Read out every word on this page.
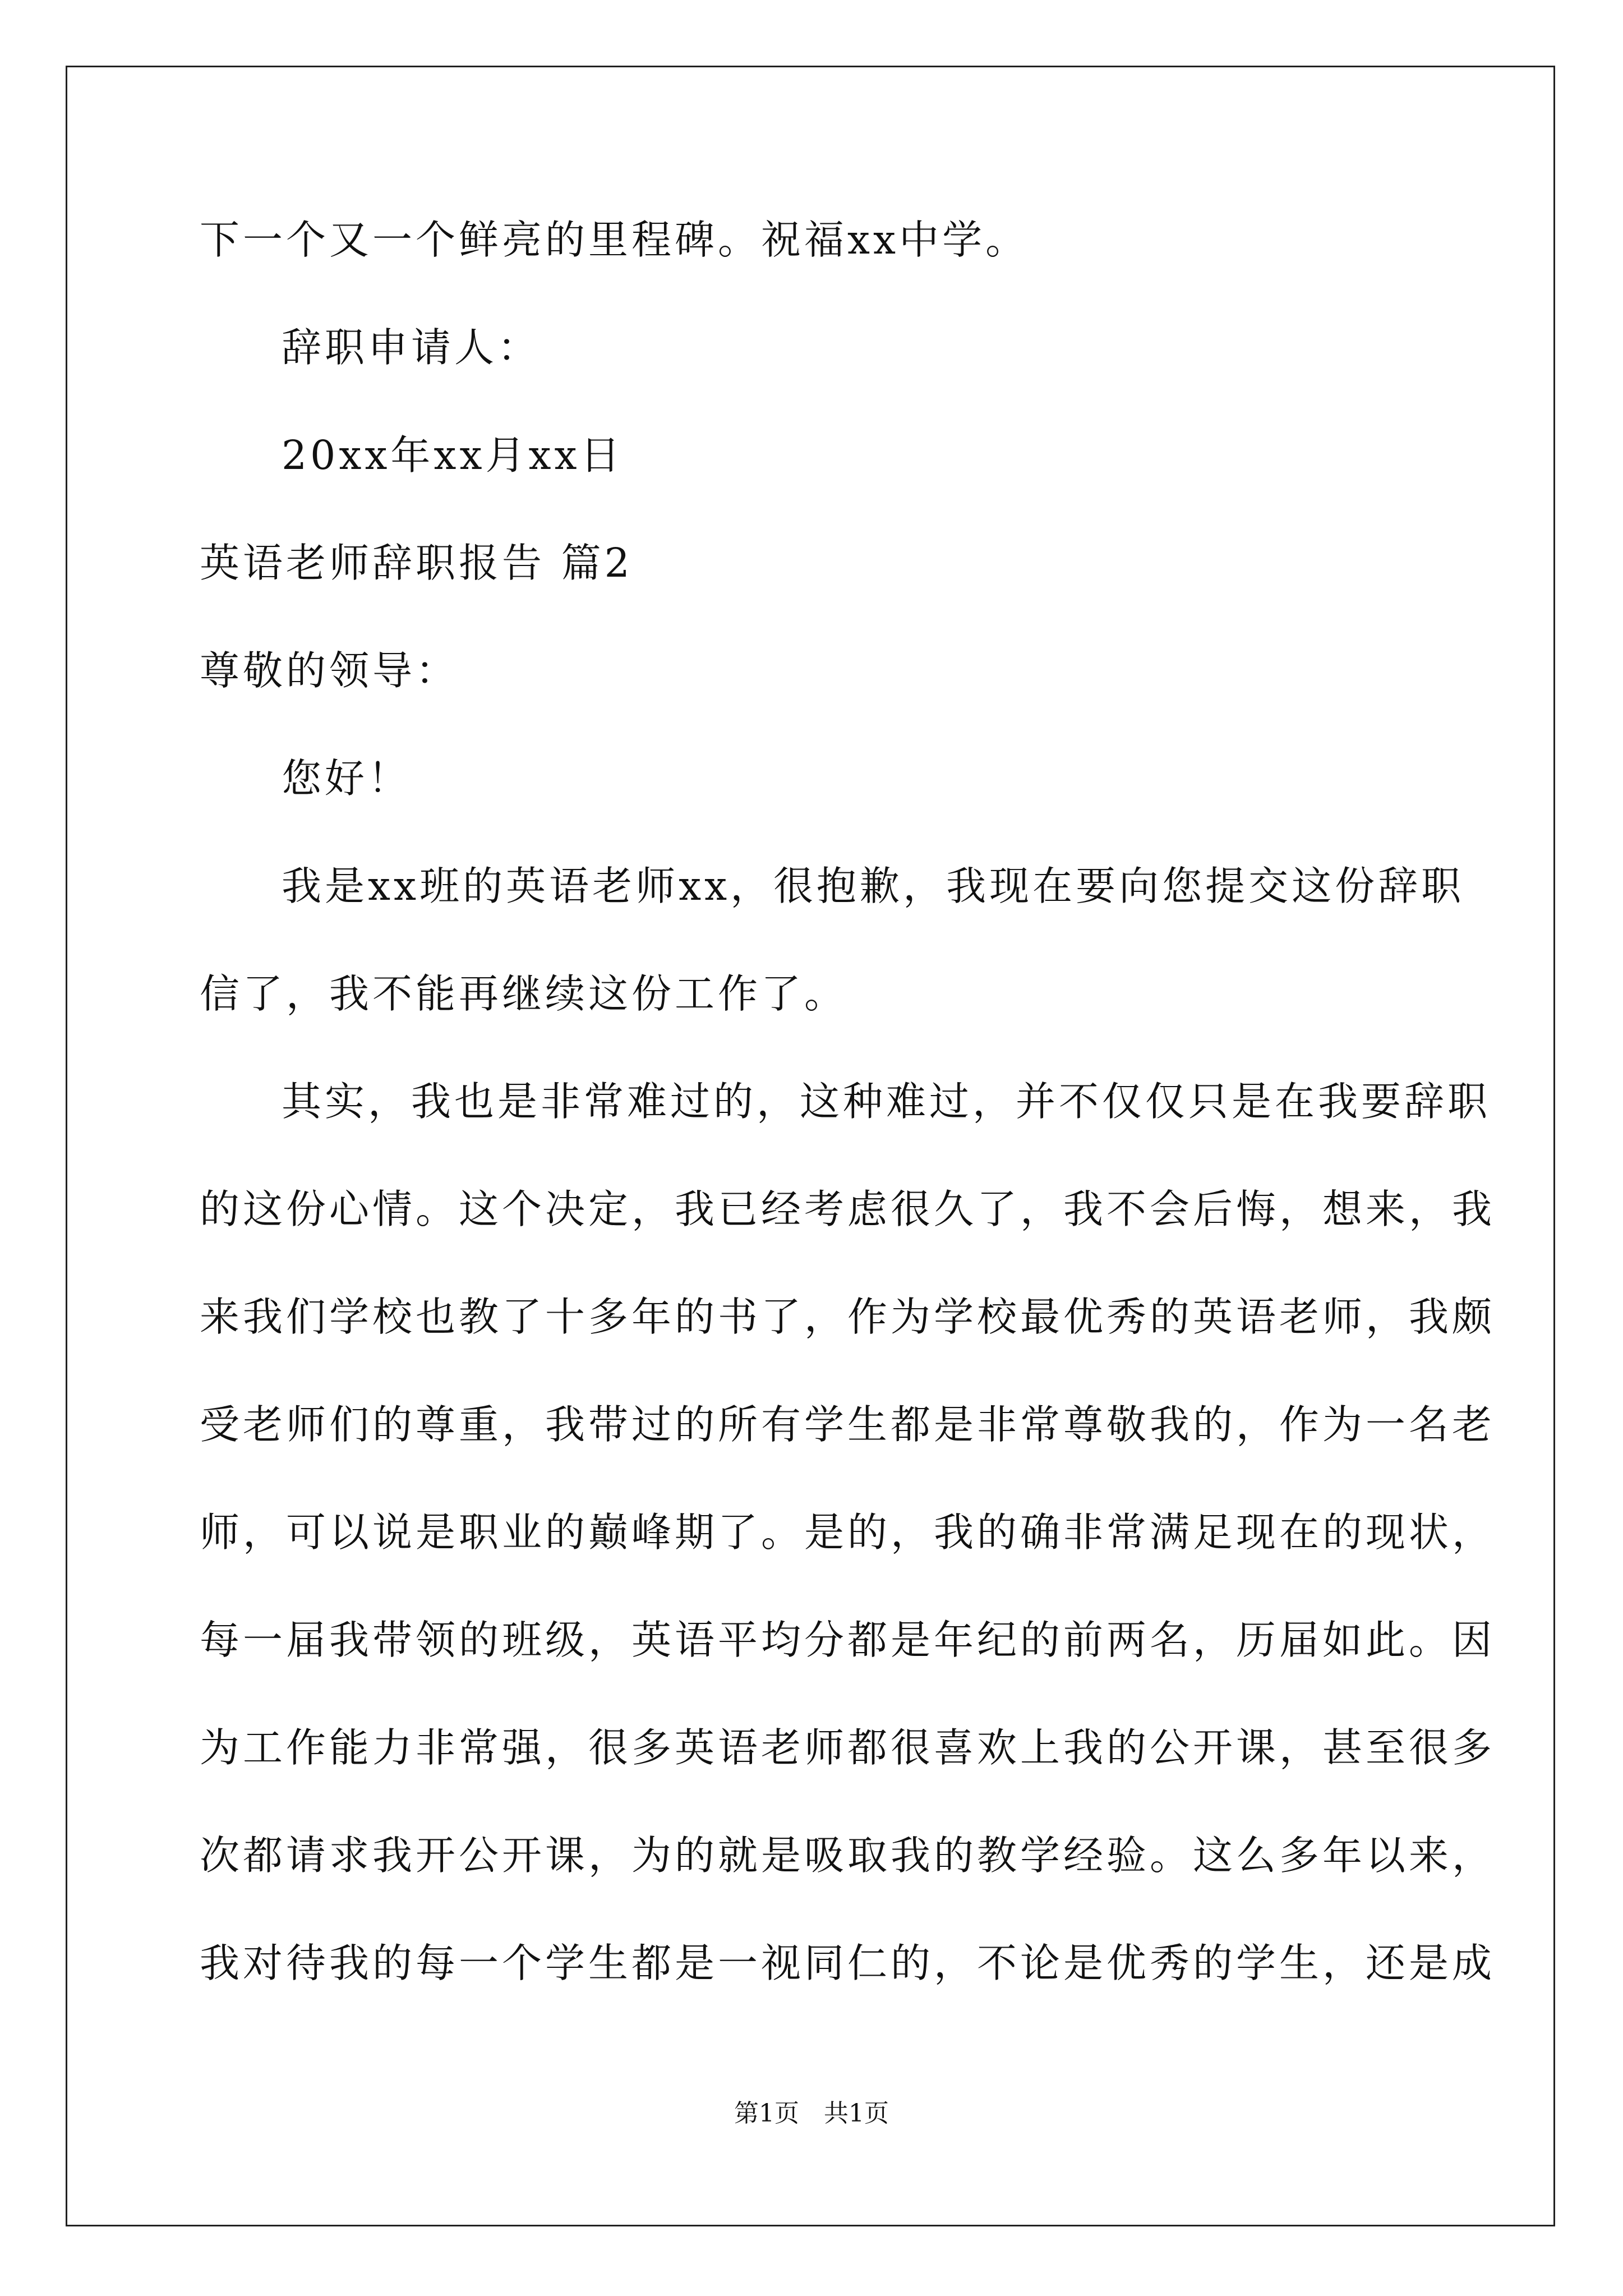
下一个又一个鲜亮的里程碑。祝福xx中学。
辞职申请人：
20xx年xx月xx日
英语老师辞职报告 篇2
尊敬的领导：
您好！
我是xx班的英语老师xx，很抱歉，我现在要向您提交这份辞职
信了，我不能再继续这份工作了。
其实，我也是非常难过的，这种难过，并不仅仅只是在我要辞职
的这份心情。这个决定，我已经考虑很久了，我不会后悔，想来，我
来我们学校也教了十多年的书了，作为学校最优秀的英语老师，我颇
受老师们的尊重，我带过的所有学生都是非常尊敬我的，作为一名老
师，可以说是职业的巅峰期了。是的，我的确非常满足现在的现状，
每一届我带领的班级，英语平均分都是年纪的前两名，历届如此。因
为工作能力非常强，很多英语老师都很喜欢上我的公开课，甚至很多
次都请求我开公开课，为的就是吸取我的教学经验。这么多年以来，
我对待我的每一个学生都是一视同仁的，不论是优秀的学生，还是成
第1页 共1页
